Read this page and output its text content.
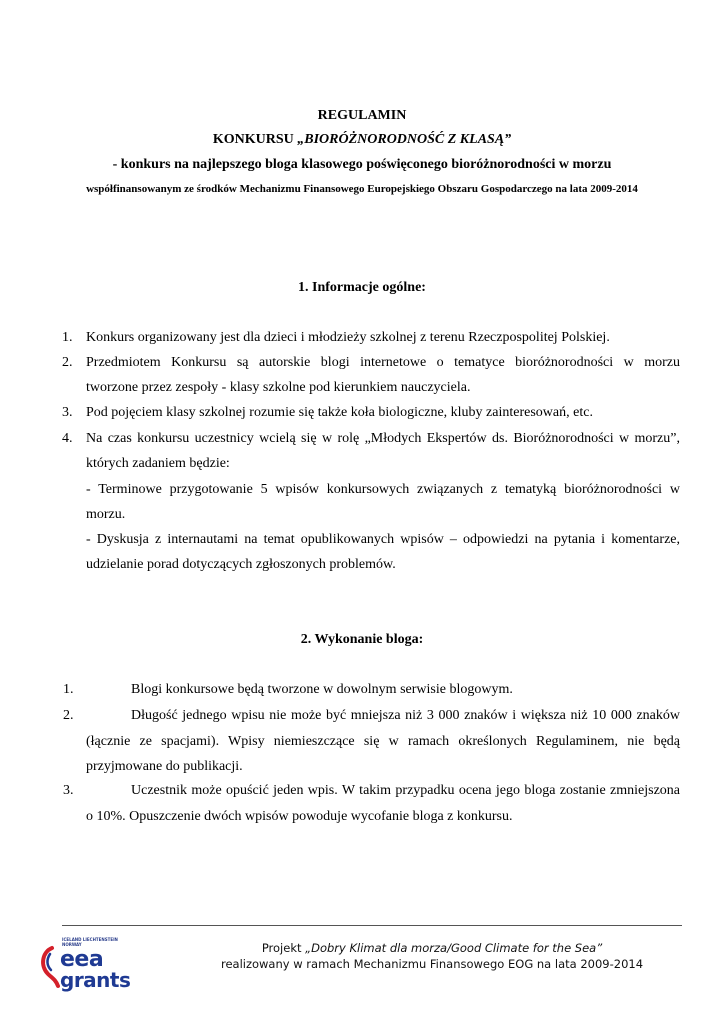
REGULAMIN
KONKURSU „BIORÓŻNORODNOŚĆ Z KLASĄ”
- konkurs na najlepszego bloga klasowego poświęconego bioróżnorodności w morzu
współfinansowanym ze środków Mechanizmu Finansowego Europejskiego Obszaru Gospodarczego na lata 2009-2014
1. Informacje ogólne:
1. Konkurs organizowany jest dla dzieci i młodzieży szkolnej z terenu Rzeczpospolitej Polskiej.
2. Przedmiotem Konkursu są autorskie blogi internetowe o tematyce bioróżnorodności w morzu
tworzone przez zespoły - klasy szkolne pod kierunkiem nauczyciela.
3. Pod pojęciem klasy szkolnej rozumie się także koła biologiczne, kluby zainteresowań, etc.
4. Na czas konkursu uczestnicy wcielą się w rolę „Młodych Ekspertów ds. Bioróżnorodności w morzu”,
których zadaniem będzie:
- Terminowe przygotowanie 5 wpisów konkursowych związanych z tematyką bioróżnorodności w
morzu.
- Dyskusja z internautami na temat opublikowanych wpisów – odpowiedzi na pytania i komentarze,
udzielanie porad dotyczących zgłoszonych problemów.
2. Wykonanie bloga:
1.	Blogi konkursowe będą tworzone w dowolnym serwisie blogowym.
2.	Długość jednego wpisu nie może być mniejsza niż 3 000 znaków i większa niż 10 000 znaków (łącznie ze spacjami). Wpisy niemieszczące się w ramach określonych Regulaminem, nie będą przyjmowane do publikacji.
3.	Uczestnik może opuścić jeden wpis. W takim przypadku ocena jego bloga zostanie zmniejszona o 10%. Opuszczenie dwóch wpisów powoduje wycofanie bloga z konkursu.
ICELAND LIECHTENSTEIN NORWAY
eea
grants
Projekt „Dobry Klimat dla morza/Good Climate for the Sea”
realizowany w ramach Mechanizmu Finansowego EOG na lata 2009-2014
